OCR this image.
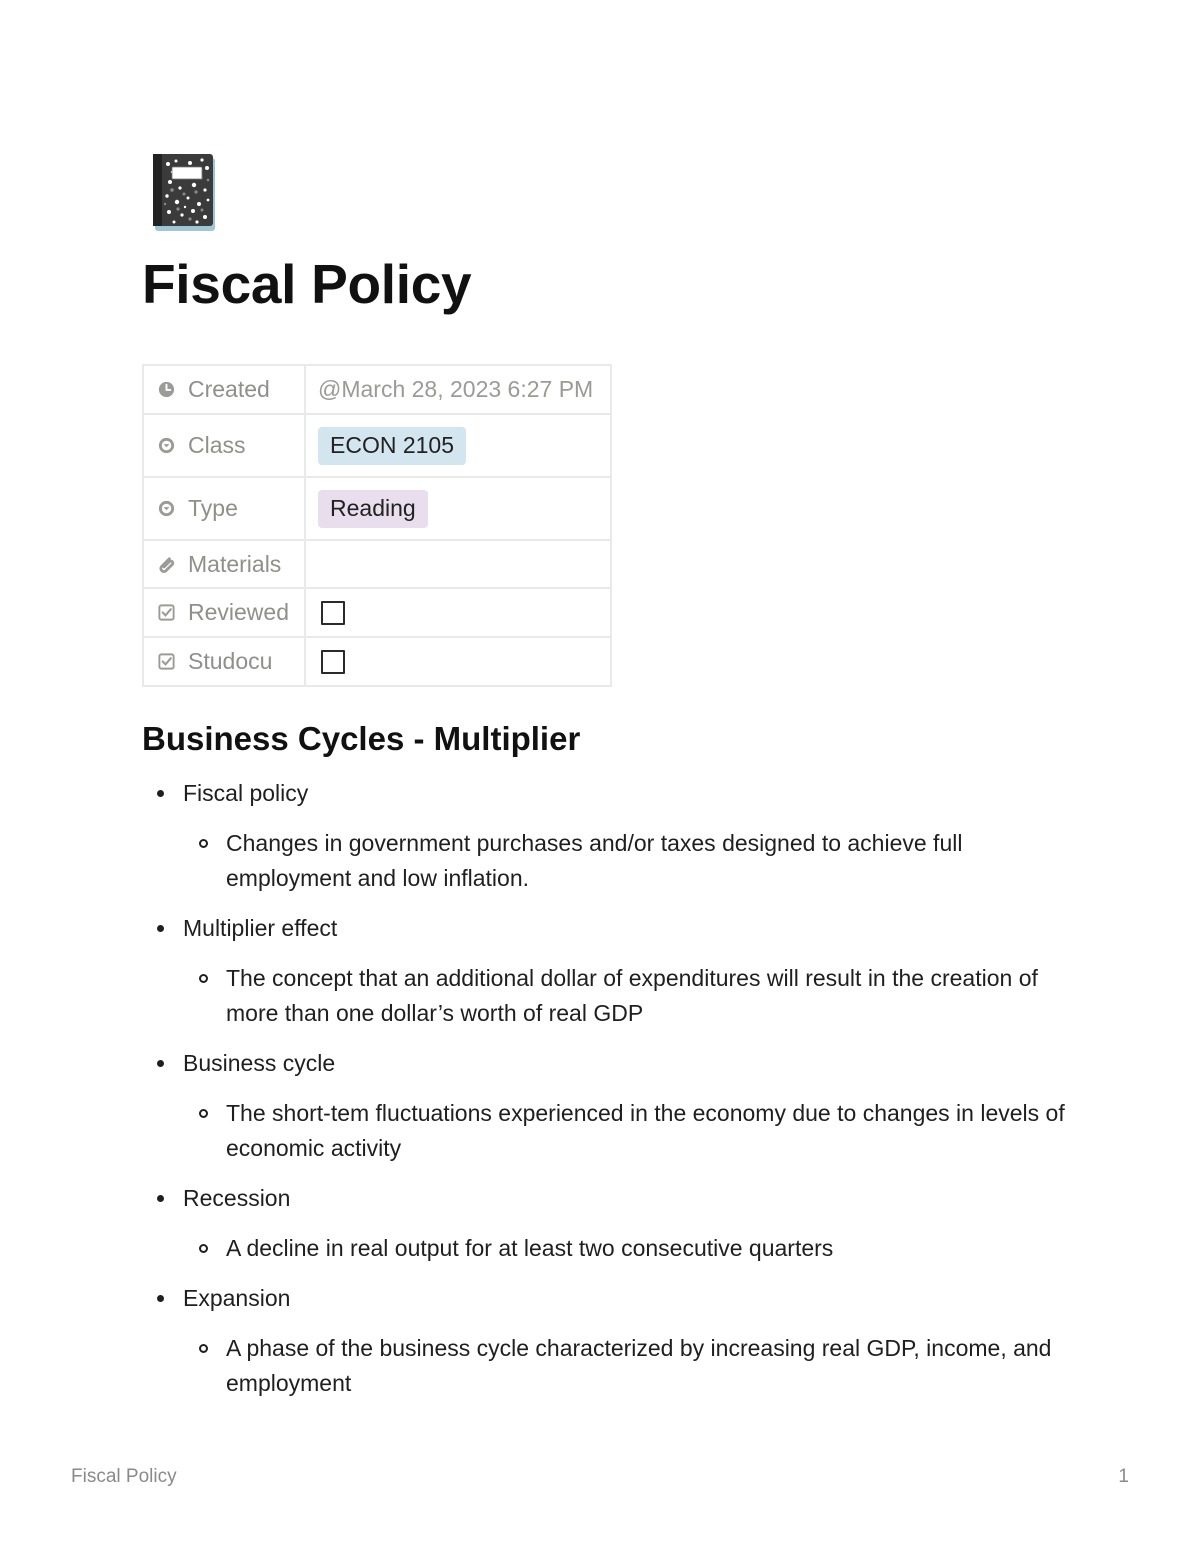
Fiscal Policy
Created	@March 28, 2023 6:27 PM

Class	ECON 2105

Type	Reading

Materials	

Reviewed	

Studocu	

Business Cycles - Multiplier
Fiscal policy
Changes in government purchases and/or taxes designed to achieve full employment and low inflation.
Multiplier effect
The concept that an additional dollar of expenditures will result in the creation of more than one dollar’s worth of real GDP
Business cycle
The short-tem fluctuations experienced in the economy due to changes in levels of economic activity
Recession
A decline in real output for at least two consecutive quarters
Expansion
A phase of the business cycle characterized by increasing real GDP, income, and employment
Fiscal Policy	1
